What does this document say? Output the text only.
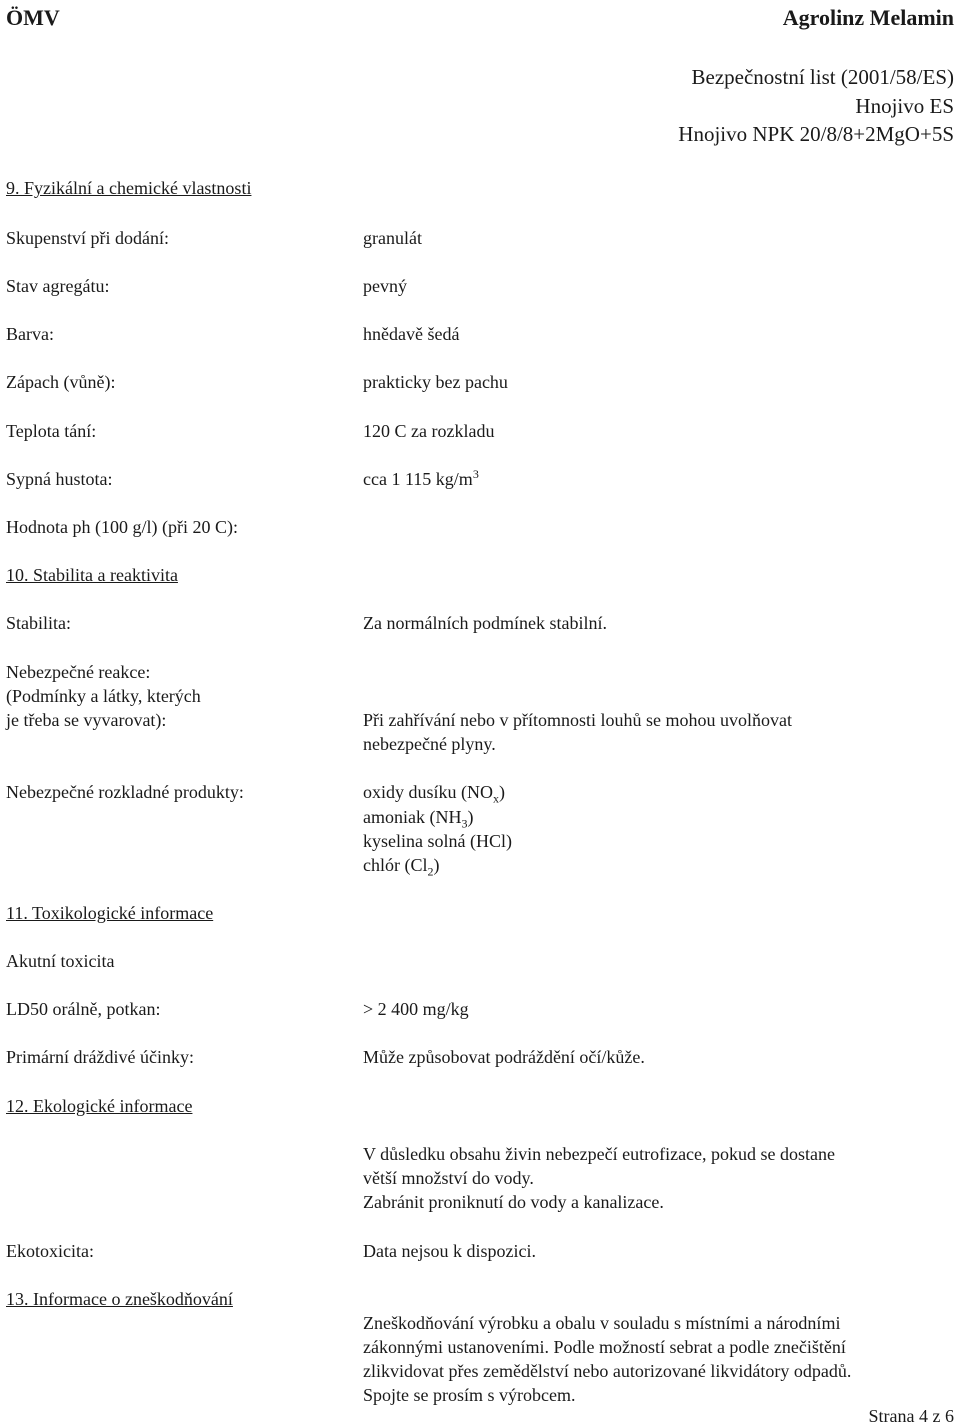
ÖMV	Agrolinz Melamin
Bezpečnostní list (2001/58/ES)
Hnojivo ES
Hnojivo NPK 20/8/8+2MgO+5S
9. Fyzikální a chemické vlastnosti
Skupenství při dodání:	granulát
Stav agregátu:	pevný
Barva:	hnědavě šedá
Zápach (vůně):	prakticky bez pachu
Teplota tání:	120 C za rozkladu
Sypná hustota:	cca 1 115 $kg/m^3$
Hodnota ph (100 g/l) (při 20 C):
10. Stabilita a reaktivita
Stabilita:	Za normálních podmínek stabilní.
Nebezpečné reakce:
(Podmínky a látky, kterých
je třeba se vyvarovat):	Při zahřívání nebo v přítomnosti louhů se mohou uvolňovat
nebezpečné plyny.
Nebezpečné rozkladné produkty:	oxidy dusíku $(NO_x)$
amoniak $(NH_3)$
kyselina solná (HCl)
chlór $(Cl_2)$
11. Toxikologické informace
Akutní toxicita
LD50 orálně, potkan:	> 2 400 mg/kg
Primární dráždivé účinky:	Může způsobovat podráždění očí/kůže.
12. Ekologické informace
V důsledku obsahu živin nebezpečí eutrofizace, pokud se dostane
větší množství do vody.
Zabránit proniknutí do vody a kanalizace.
Ekotoxicita:	Data nejsou k dispozici.
13. Informace o zneškodňování
Zneškodňování výrobku a obalu v souladu s místními a národními
zákonnými ustanoveními. Podle možností sebrat a podle znečištění
zlikvidovat přes zemědělství nebo autorizované likvidátory odpadů.
Spojte se prosím s výrobcem.
Strana 4 z 6
